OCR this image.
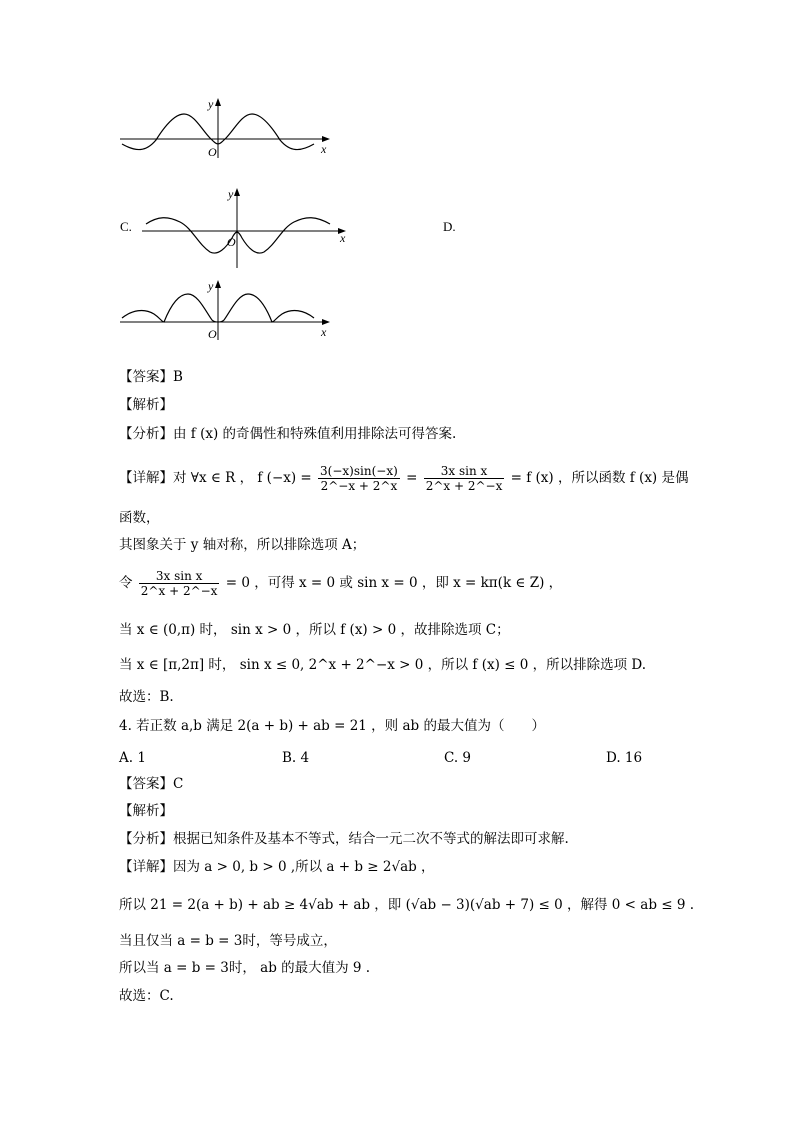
y
x
O
C.
y
x
O
D.
y
x
O
【答案】B
【解析】
【分析】由 f (x) 的奇偶性和特殊值利用排除法可得答案.
【详解】对 ∀x ∈ R ， f $(-x) = \frac{3(-x)\sin(-x)}{2\^{}-x + 2\^{}x} = \frac{\text{3x sin x}}{2\^{}x + 2\^{}-x} = f$ (x) ，所以函数 f (x) 是偶
函数，
其图象关于 y 轴对称，所以排除选项 A；
令 $\frac{\text{3x sin x}}{2\^{}x + 2\^{}-x} = 0$ ，可得 x = 0 或 sin x = 0 ，即 x = kπ(k ∈ Z) ，
当 x ∈ (0,π) 时， sin x > 0 ，所以 f (x) > 0 ，故排除选项 C；
当 x ∈ [π,2π] 时， sin x ≤ 0, 2^x + 2^−x > 0 ，所以 f (x) ≤ 0 ，所以排除选项 D.
故选：B.
4. 若正数 a,b 满足 2(a + b) + ab = 21 ，则 ab 的最大值为（　　）
A. 1	B. 4	C. 9	D. 16
【答案】C
【解析】
【分析】根据已知条件及基本不等式，结合一元二次不等式的解法即可求解.
【详解】因为 a > 0, b > 0 ,所以 a + b ≥ 2√ab ，
所以 21 = 2(a + b) + ab ≥ 4√ab + ab ，即 (√ab − 3)(√ab + 7) ≤ 0 ，解得 0 < ab ≤ 9 .
当且仅当 a = b = 3时，等号成立，
所以当 a = b = 3时， ab 的最大值为 9 .
故选：C.
